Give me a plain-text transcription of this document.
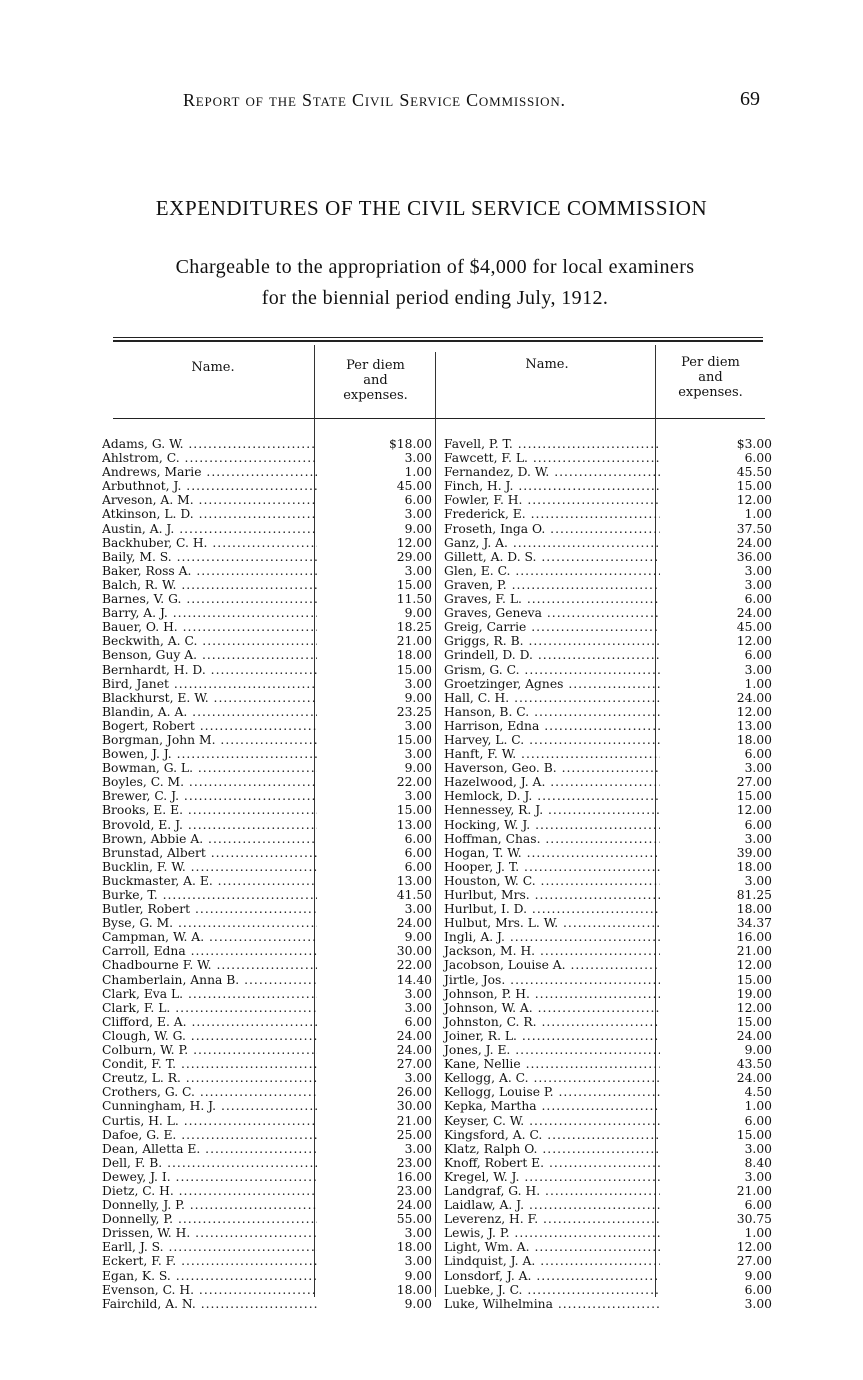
Report of the State Civil Service Commission.	69
EXPENDITURES OF THE CIVIL SERVICE COMMISSION
Chargeable to the appropriation of $4,000 for local examiners
for the biennial period ending July, 1912.
Name.	Per diem
and
expenses.
Name.	Per diem
and
expenses.
Adams, G. W. .....	$18.00	Favell, P. T. .....	$3.00
Ahlstrom, C. .....	3.00	Fawcett, F. L. .....	6.00
Andrews, Marie .....	1.00	Fernandez, D. W. .....	45.50
Arbuthnot, J. .....	45.00	Finch, H. J. .....	15.00
Arveson, A. M. .....	6.00	Fowler, F. H. .....	12.00
Atkinson, L. D. .....	3.00	Frederick, E. .....	1.00
Austin, A. J. .....	9.00	Froseth, Inga O. .....	37.50
Backhuber, C. H. .....	12.00	Ganz, J. A. .....	24.00
Baily, M. S. .....	29.00	Gillett, A. D. S. .....	36.00
Baker, Ross A. .....	3.00	Glen, E. C. .....	3.00
Balch, R. W. .....	15.00	Graven, P. .....	3.00
Barnes, V. G. .....	11.50	Graves, F. L. .....	6.00
Barry, A. J. .....	9.00	Graves, Geneva .....	24.00
Bauer, O. H. .....	18.25	Greig, Carrie .....	45.00
Beckwith, A. C. .....	21.00	Griggs, R. B. .....	12.00
Benson, Guy A. .....	18.00	Grindell, D. D. .....	6.00
Bernhardt, H. D. .....	15.00	Grism, G. C. .....	3.00
Bird, Janet .....	3.00	Groetzinger, Agnes .....	1.00
Blackhurst, E. W. .....	9.00	Hall, C. H. .....	24.00
Blandin, A. A. .....	23.25	Hanson, B. C. .....	12.00
Bogert, Robert .....	3.00	Harrison, Edna .....	13.00
Borgman, John M. .....	15.00	Harvey, L. C. .....	18.00
Bowen, J. J. .....	3.00	Hanft, F. W. .....	6.00
Bowman, G. L. .....	9.00	Haverson, Geo. B. .....	3.00
Boyles, C. M. .....	22.00	Hazelwood, J. A. .....	27.00
Brewer, C. J. .....	3.00	Hemlock, D. J. .....	15.00
Brooks, E. E. .....	15.00	Hennessey, R. J. .....	12.00
Brovold, E. J. .....	13.00	Hocking, W. J. .....	6.00
Brown, Abbie A. .....	6.00	Hoffman, Chas. .....	3.00
Brunstad, Albert .....	6.00	Hogan, T. W. .....	39.00
Bucklin, F. W. .....	6.00	Hooper, J. T. .....	18.00
Buckmaster, A. E. .....	13.00	Houston, W. C. .....	3.00
Burke, T. .....	41.50	Hurlbut, Mrs. .....	81.25
Butler, Robert .....	3.00	Hurlbut, I. D. .....	18.00
Byse, G. M. .....	24.00	Hulbut, Mrs. L. W. .....	34.37
Campman, W. A. .....	9.00	Ingli, A. J. .....	16.00
Carroll, Edna .....	30.00	Jackson, M. H. .....	21.00
Chadbourne F. W. .....	22.00	Jacobson, Louise A. .....	12.00
Chamberlain, Anna B. .....	14.40	Jirtle, Jos. .....	15.00
Clark, Eva L. .....	3.00	Johnson, P. H. .....	19.00
Clark, F. L. .....	3.00	Johnson, W. A. .....	12.00
Clifford, E. A. .....	6.00	Johnston, C. R. .....	15.00
Clough, W. G. .....	24.00	Joiner, R. L. .....	24.00
Colburn, W. P. .....	24.00	Jones, J. E. .....	9.00
Condit, F. T. .....	27.00	Kane, Nellie .....	43.50
Creutz, L. R. .....	3.00	Kellogg, A. C. .....	24.00
Crothers, G. C. .....	26.00	Kellogg, Louise P. .....	4.50
Cunningham, H. J. .....	30.00	Kepka, Martha .....	1.00
Curtis, H. L. .....	21.00	Keyser, C. W. .....	6.00
Dafoe, G. E. .....	25.00	Kingsford, A. C. .....	15.00
Dean, Alletta E. .....	3.00	Klatz, Ralph O. .....	3.00
Dell, F. B. .....	23.00	Knoff, Robert E. .....	8.40
Dewey, J. I. .....	16.00	Kregel, W. J. .....	3.00
Dietz, C. H. .....	23.00	Landgraf, G. H. .....	21.00
Donnelly, J. P. .....	24.00	Laidlaw, A. J. .....	6.00
Donnelly, P. .....	55.00	Leverenz, H. F. .....	30.75
Drissen, W. H. .....	3.00	Lewis, J. P. .....	1.00
Earll, J. S. .....	18.00	Light, Wm. A. .....	12.00
Eckert, F. F. .....	3.00	Lindquist, J. A. .....	27.00
Egan, K. S. .....	9.00	Lonsdorf, J. A. .....	9.00
Evenson, C. H. .....	18.00	Luebke, J. C. .....	6.00
Fairchild, A. N. .....	9.00	Luke, Wilhelmina .....	3.00
